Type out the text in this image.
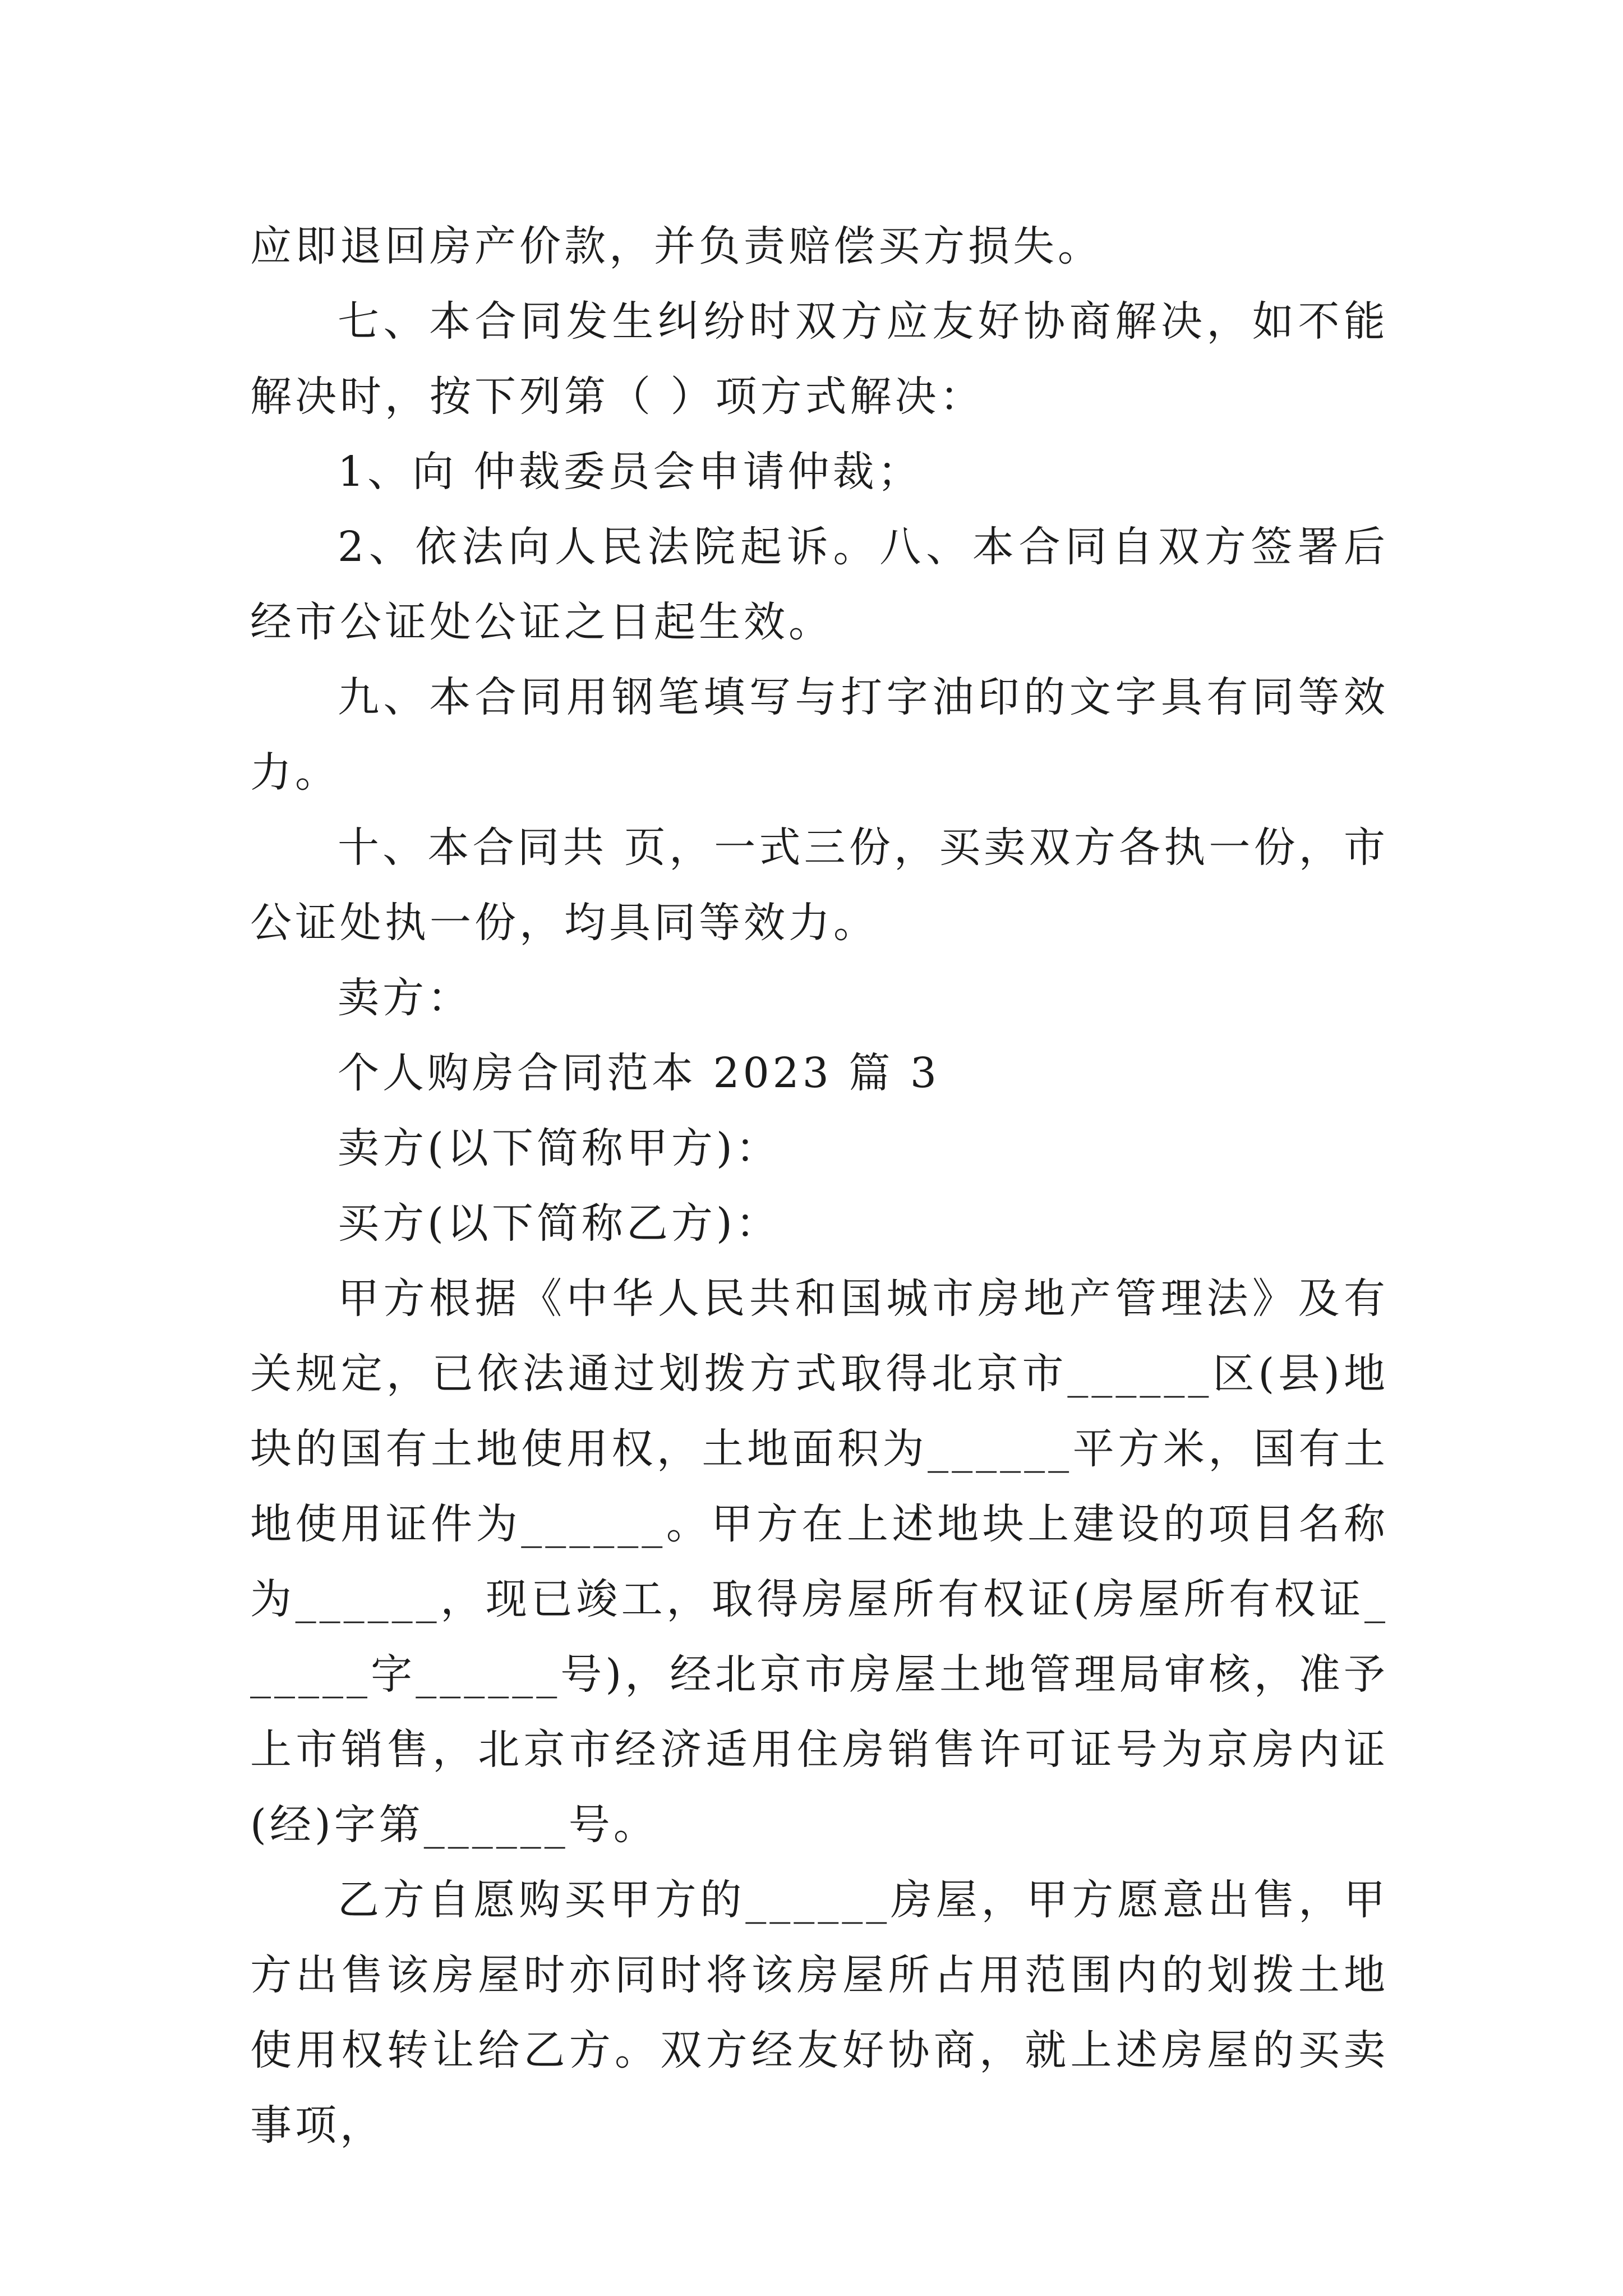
应即退回房产价款，并负责赔偿买方损失。

七、本合同发生纠纷时双方应友好协商解决，如不能解决时，按下列第（ ）项方式解决：

1、向 仲裁委员会申请仲裁；

2、依法向人民法院起诉。八、本合同自双方签署后经市公证处公证之日起生效。

九、本合同用钢笔填写与打字油印的文字具有同等效力。

十、本合同共 页，一式三份，买卖双方各执一份，市公证处执一份，均具同等效力。

卖方：

个人购房合同范本 2023 篇 3

卖方(以下简称甲方)：

买方(以下简称乙方)：

甲方根据《中华人民共和国城市房地产管理法》及有关规定，已依法通过划拨方式取得北京市______区(县)地块的国有土地使用权，土地面积为______平方米，国有土地使用证件为______。甲方在上述地块上建设的项目名称为______，现已竣工，取得房屋所有权证(房屋所有权证______字______号)，经北京市房屋土地管理局审核，准予上市销售，北京市经济适用住房销售许可证号为京房内证(经)字第______号。

乙方自愿购买甲方的______房屋，甲方愿意出售，甲方出售该房屋时亦同时将该房屋所占用范围内的划拨土地使用权转让给乙方。双方经友好协商，就上述房屋的买卖事项，
